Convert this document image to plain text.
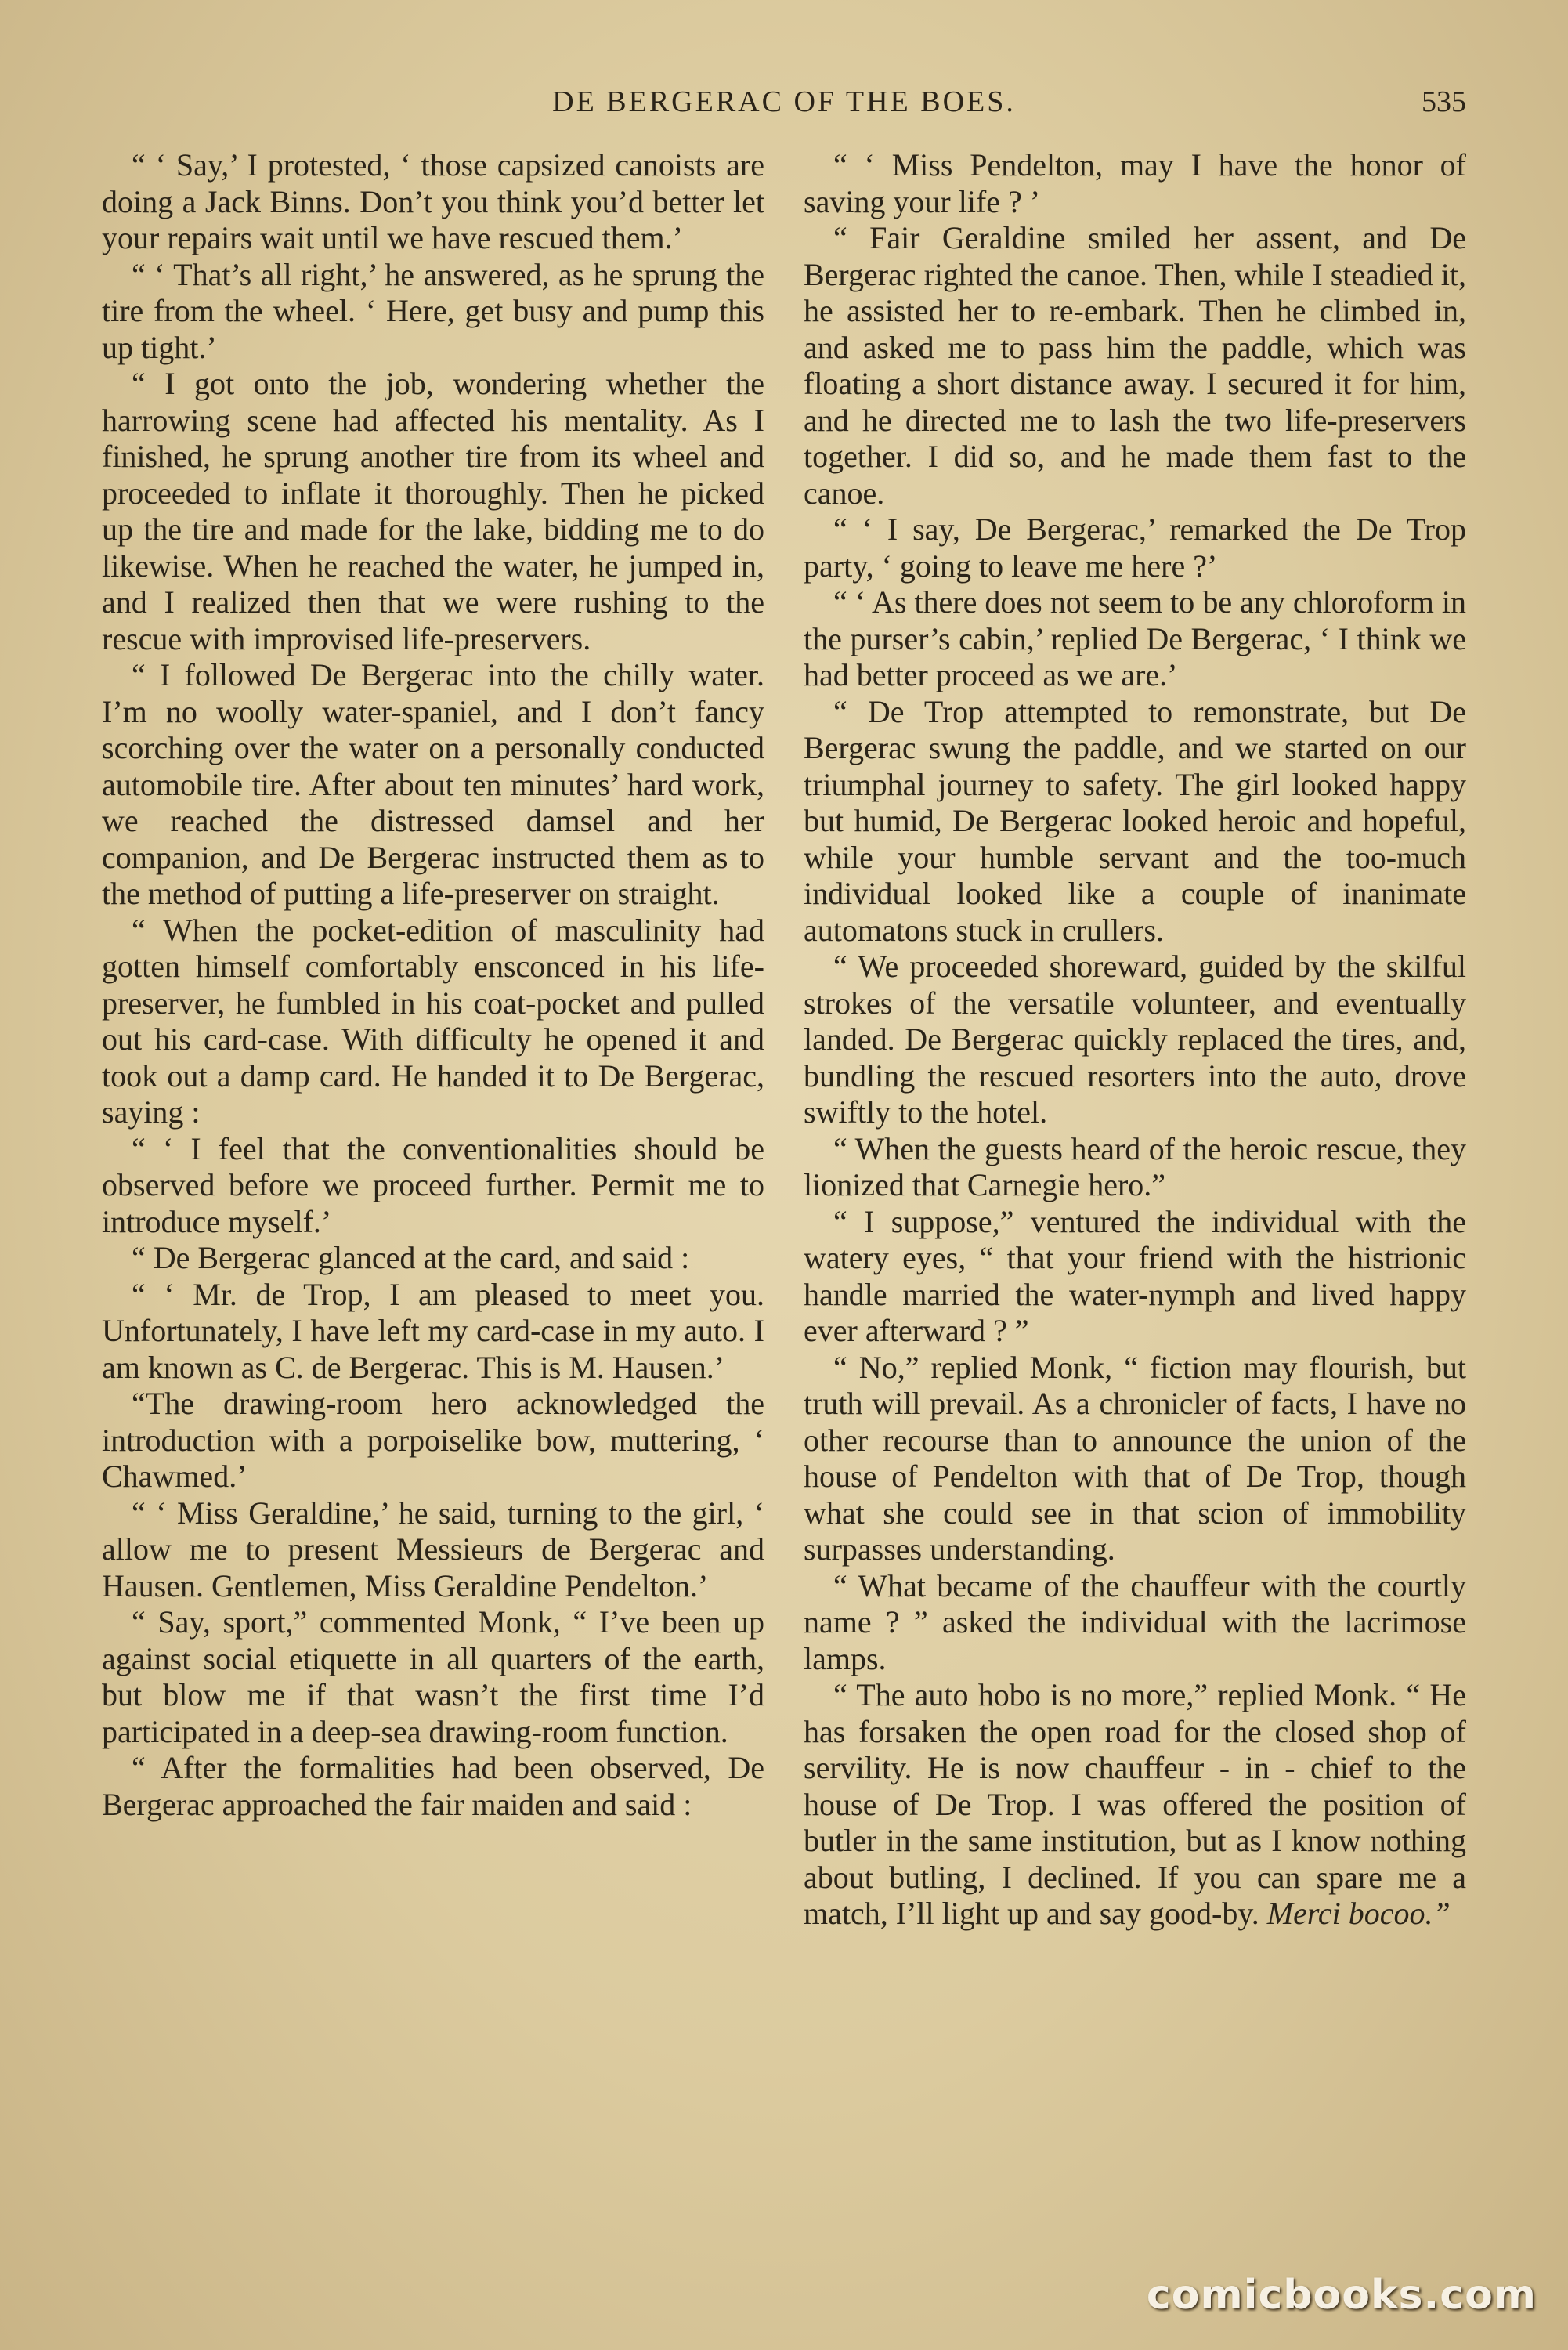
DE BERGERAC OF THE BOES.	535

“ ‘ Say,’ I protested, ‘ those capsized canoists are doing a Jack Binns. Don’t you think you’d better let your repairs wait until we have rescued them.’

“ ‘ That’s all right,’ he answered, as he sprung the tire from the wheel. ‘ Here, get busy and pump this up tight.’

“ I got onto the job, wondering whether the harrowing scene had affected his mentality. As I finished, he sprung another tire from its wheel and proceeded to inflate it thoroughly. Then he picked up the tire and made for the lake, bidding me to do likewise. When he reached the water, he jumped in, and I realized then that we were rushing to the rescue with improvised life-preservers.

“ I followed De Bergerac into the chilly water. I’m no woolly water-spaniel, and I don’t fancy scorching over the water on a personally conducted automobile tire. After about ten minutes’ hard work, we reached the distressed damsel and her companion, and De Bergerac instructed them as to the method of putting a life-preserver on straight.

“ When the pocket-edition of masculinity had gotten himself comfortably ensconced in his life-preserver, he fumbled in his coat-pocket and pulled out his card-case. With difficulty he opened it and took out a damp card. He handed it to De Bergerac, saying :

“ ‘ I feel that the conventionalities should be observed before we proceed further. Permit me to introduce myself.’

“ De Bergerac glanced at the card, and said :

“ ‘ Mr. de Trop, I am pleased to meet you. Unfortunately, I have left my card-case in my auto. I am known as C. de Bergerac. This is M. Hausen.’

“The drawing-room hero acknowledged the introduction with a porpoiselike bow, muttering, ‘ Chawmed.’

“ ‘ Miss Geraldine,’ he said, turning to the girl, ‘ allow me to present Messieurs de Bergerac and Hausen. Gentlemen, Miss Geraldine Pendelton.’

“ Say, sport,” commented Monk, “ I’ve been up against social etiquette in all quarters of the earth, but blow me if that wasn’t the first time I’d participated in a deep-sea drawing-room function.

“ After the formalities had been observed, De Bergerac approached the fair maiden and said :

“ ‘ Miss Pendelton, may I have the honor of saving your life ? ’

“ Fair Geraldine smiled her assent, and De Bergerac righted the canoe. Then, while I steadied it, he assisted her to re-embark. Then he climbed in, and asked me to pass him the paddle, which was floating a short distance away. I secured it for him, and he directed me to lash the two life-preservers together. I did so, and he made them fast to the canoe.

“ ‘ I say, De Bergerac,’ remarked the De Trop party, ‘ going to leave me here ?’

“ ‘ As there does not seem to be any chloroform in the purser’s cabin,’ replied De Bergerac, ‘ I think we had better proceed as we are.’

“ De Trop attempted to remonstrate, but De Bergerac swung the paddle, and we started on our triumphal journey to safety. The girl looked happy but humid, De Bergerac looked heroic and hopeful, while your humble servant and the too-much individual looked like a couple of inanimate automatons stuck in crullers.

“ We proceeded shoreward, guided by the skilful strokes of the versatile volunteer, and eventually landed. De Bergerac quickly replaced the tires, and, bundling the rescued resorters into the auto, drove swiftly to the hotel.

“ When the guests heard of the heroic rescue, they lionized that Carnegie hero.”

“ I suppose,” ventured the individual with the watery eyes, “ that your friend with the histrionic handle married the water-nymph and lived happy ever afterward ? ”

“ No,” replied Monk, “ fiction may flourish, but truth will prevail. As a chronicler of facts, I have no other recourse than to announce the union of the house of Pendelton with that of De Trop, though what she could see in that scion of immobility surpasses understanding.

“ What became of the chauffeur with the courtly name ? ” asked the individual with the lacrimose lamps.

“ The auto hobo is no more,” replied Monk. “ He has forsaken the open road for the closed shop of servility. He is now chauffeur - in - chief to the house of De Trop. I was offered the position of butler in the same institution, but as I know nothing about butling, I declined. If you can spare me a match, I’ll light up and say good-by. Merci bocoo.”

comicbooks.com
